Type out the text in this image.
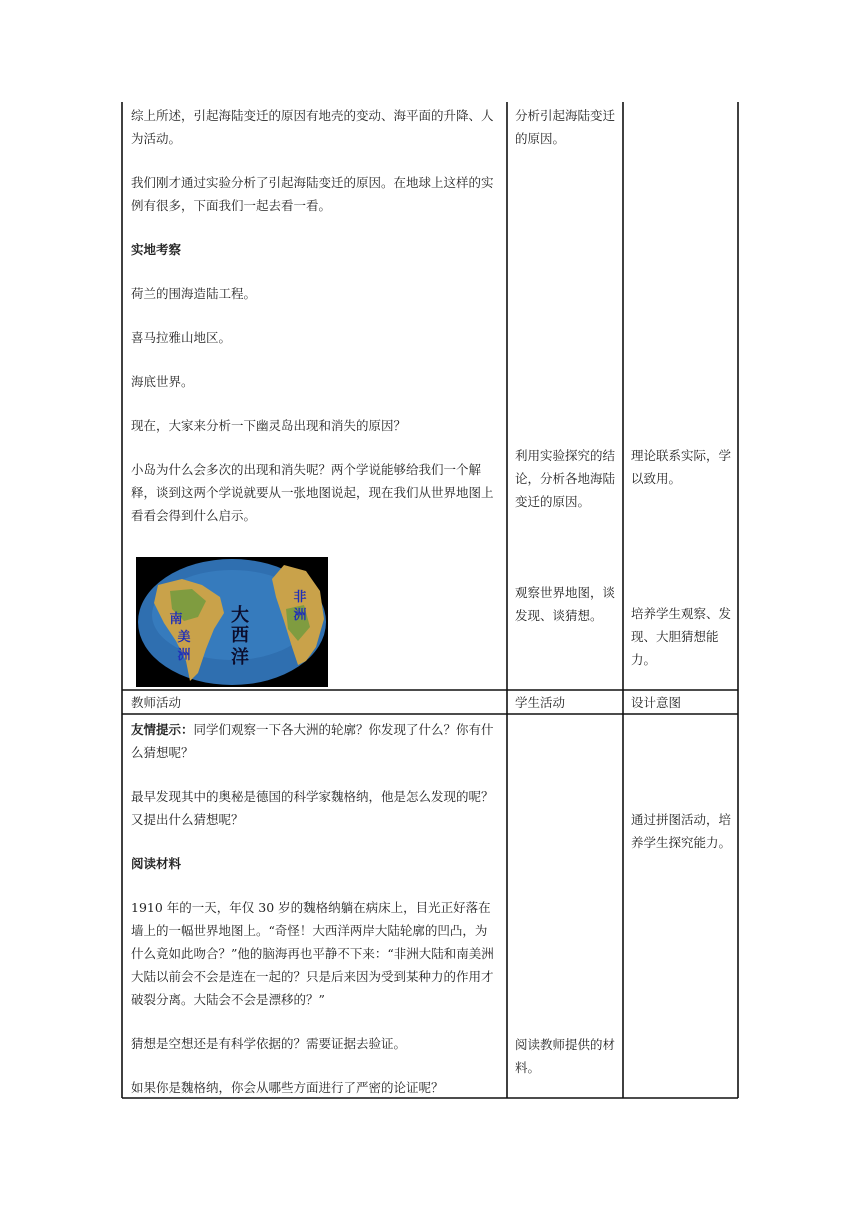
综上所述，引起海陆变迁的原因有地壳的变动、海平面的升降、人为活动。

我们刚才通过实验分析了引起海陆变迁的原因。在地球上这样的实例有很多，下面我们一起去看一看。

实地考察

荷兰的围海造陆工程。

喜马拉雅山地区。

海底世界。

现在，大家来分析一下幽灵岛出现和消失的原因？

小岛为什么会多次的出现和消失呢？两个学说能够给我们一个解释，谈到这两个学说就要从一张地图说起，现在我们从世界地图上看看会得到什么启示。

南
美
洲
大
西
洋
非
洲

分析引起海陆变迁的原因。

利用实验探究的结论，分析各地海陆变迁的原因。

观察世界地图，谈发现、谈猜想。

理论联系实际，学以致用。

培养学生观察、发现、大胆猜想能力。

教师活动	学生活动	设计意图

友情提示：同学们观察一下各大洲的轮廓？你发现了什么？你有什么猜想呢？

最早发现其中的奥秘是德国的科学家魏格纳，他是怎么发现的呢？又提出什么猜想呢？

阅读材料

1910 年的一天，年仅 30 岁的魏格纳躺在病床上，目光正好落在墙上的一幅世界地图上。“奇怪！大西洋两岸大陆轮廓的凹凸，为什么竟如此吻合？”他的脑海再也平静不下来：“非洲大陆和南美洲大陆以前会不会是连在一起的？只是后来因为受到某种力的作用才破裂分离。大陆会不会是漂移的？”

猜想是空想还是有科学依据的？需要证据去验证。

如果你是魏格纳，你会从哪些方面进行了严密的论证呢？

阅读教师提供的材料。

通过拼图活动，培养学生探究能力。
